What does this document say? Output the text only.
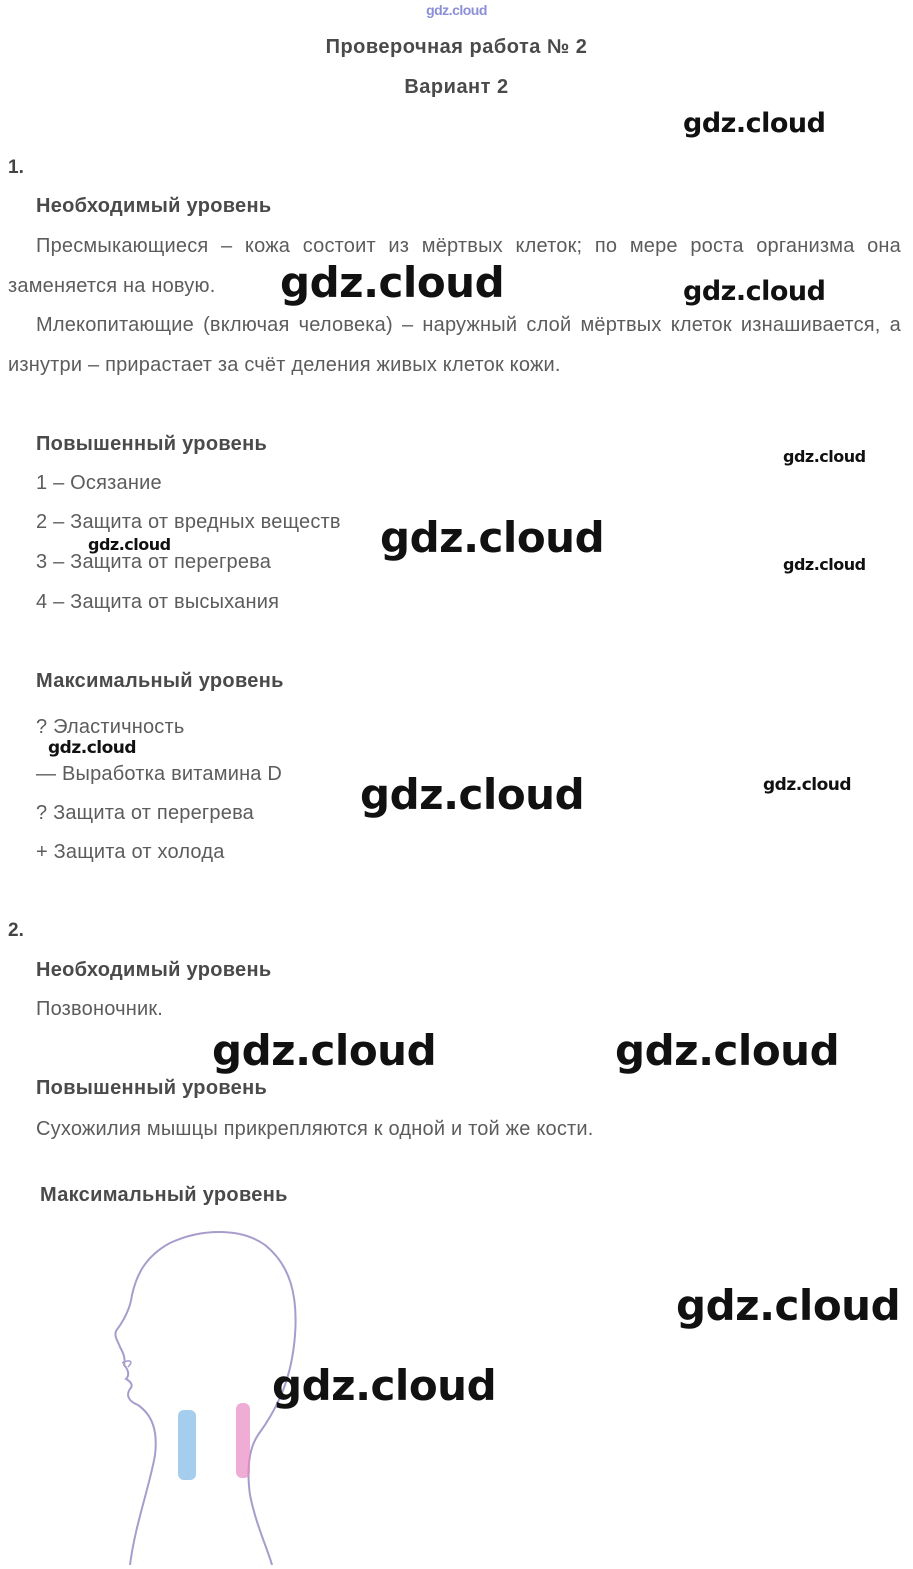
gdz.cloud
Проверочная работа № 2
Вариант 2
1.
Необходимый уровень
Пресмыкающиеся – кожа состоит из мёртвых клеток; по мере роста организма она заменяется на новую.
Млекопитающие (включая человека) – наружный слой мёртвых клеток изнашивается, а изнутри – прирастает за счёт деления живых клеток кожи.
Повышенный уровень
1 – Осязание
2 – Защита от вредных веществ
3 – Защита от перегрева
4 – Защита от высыхания
Максимальный уровень
? Эластичность
— Выработка витамина D
? Защита от перегрева
+ Защита от холода
2.
Необходимый уровень
Позвоночник.
Повышенный уровень
Сухожилия мышцы прикрепляются к одной и той же кости.
Максимальный уровень
gdz.cloud
gdz.cloud	gdz.cloud
gdz.cloud
gdz.cloud
gdz.cloud
gdz.cloud
gdz.cloud
gdz.cloud	gdz.cloud
gdz.cloud	gdz.cloud
gdz.cloud
gdz.cloud
